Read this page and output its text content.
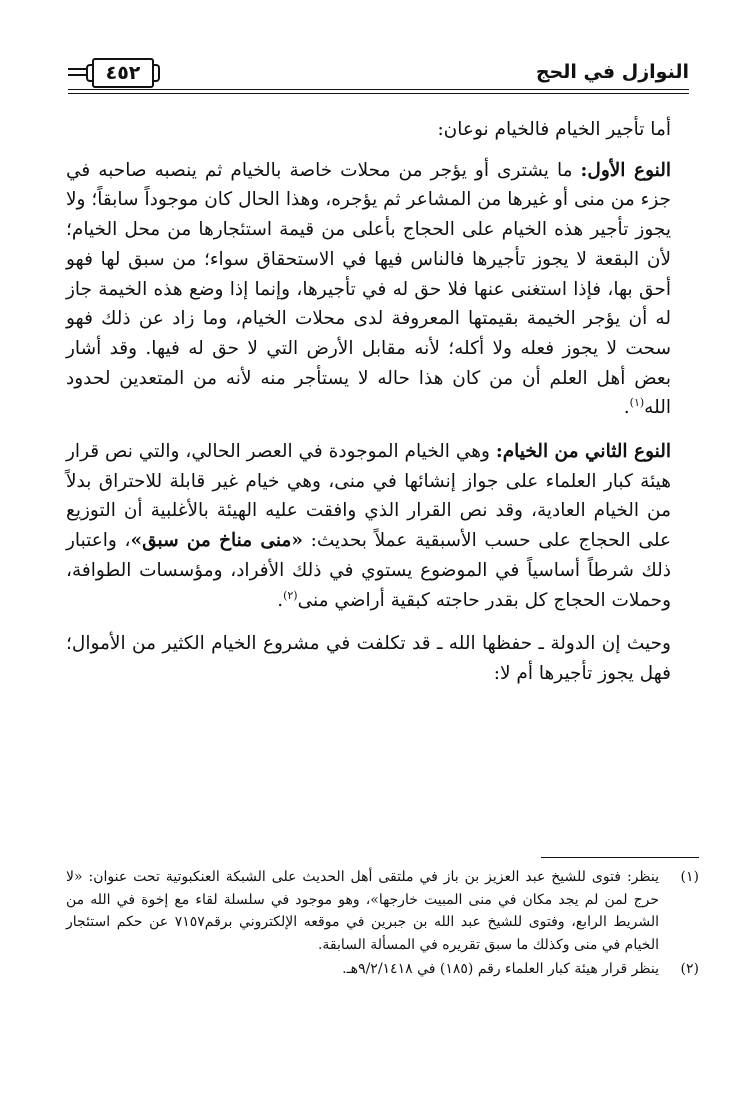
النوازل في الحج
٤٥٢

أما تأجير الخيام فالخيام نوعان:

النوع الأول: ما يشترى أو يؤجر من محلات خاصة بالخيام ثم ينصبه صاحبه في جزء من منى أو غيرها من المشاعر ثم يؤجره، وهذا الحال كان موجوداً سابقاً؛ ولا يجوز تأجير هذه الخيام على الحجاج بأعلى من قيمة استئجارها من محل الخيام؛ لأن البقعة لا يجوز تأجيرها فالناس فيها في الاستحقاق سواء؛ من سبق لها فهو أحق بها، فإذا استغنى عنها فلا حق له في تأجيرها، وإنما إذا وضع هذه الخيمة جاز له أن يؤجر الخيمة بقيمتها المعروفة لدى محلات الخيام، وما زاد عن ذلك فهو سحت لا يجوز فعله ولا أكله؛ لأنه مقابل الأرض التي لا حق له فيها. وقد أشار بعض أهل العلم أن من كان هذا حاله لا يستأجر منه لأنه من المتعدين لحدود الله$^{(١)}$.

النوع الثاني من الخيام: وهي الخيام الموجودة في العصر الحالي، والتي نص قرار هيئة كبار العلماء على جواز إنشائها في منى، وهي خيام غير قابلة للاحتراق بدلاً من الخيام العادية، وقد نص القرار الذي وافقت عليه الهيئة بالأغلبية أن التوزيع على الحجاج على حسب الأسبقية عملاً بحديث: «منى مناخ من سبق»، واعتبار ذلك شرطاً أساسياً في الموضوع يستوي في ذلك الأفراد، ومؤسسات الطوافة، وحملات الحجاج كل بقدر حاجته كبقية أراضي منى$^{(٢)}$.

وحيث إن الدولة ـ حفظها الله ـ قد تكلفت في مشروع الخيام الكثير من الأموال؛ فهل يجوز تأجيرها أم لا:

(١)
ينظر: فتوى للشيخ عبد العزيز بن باز في ملتقى أهل الحديث على الشبكة العنكبوتية تحت عنوان: «لا حرج لمن لم يجد مكان في منى المبيت خارجها»، وهو موجود في سلسلة لقاء مع إخوة في الله من الشريط الرابع، وفتوى للشيخ عبد الله بن جبرين في موقعه الإلكتروني برقم٧١٥٧ عن حكم استئجار الخيام في منى وكذلك ما سبق تقريره في المسألة السابقة.
(٢)
ينظر قرار هيئة كبار العلماء رقم (١٨٥) في ٩/٢/١٤١٨هـ.
